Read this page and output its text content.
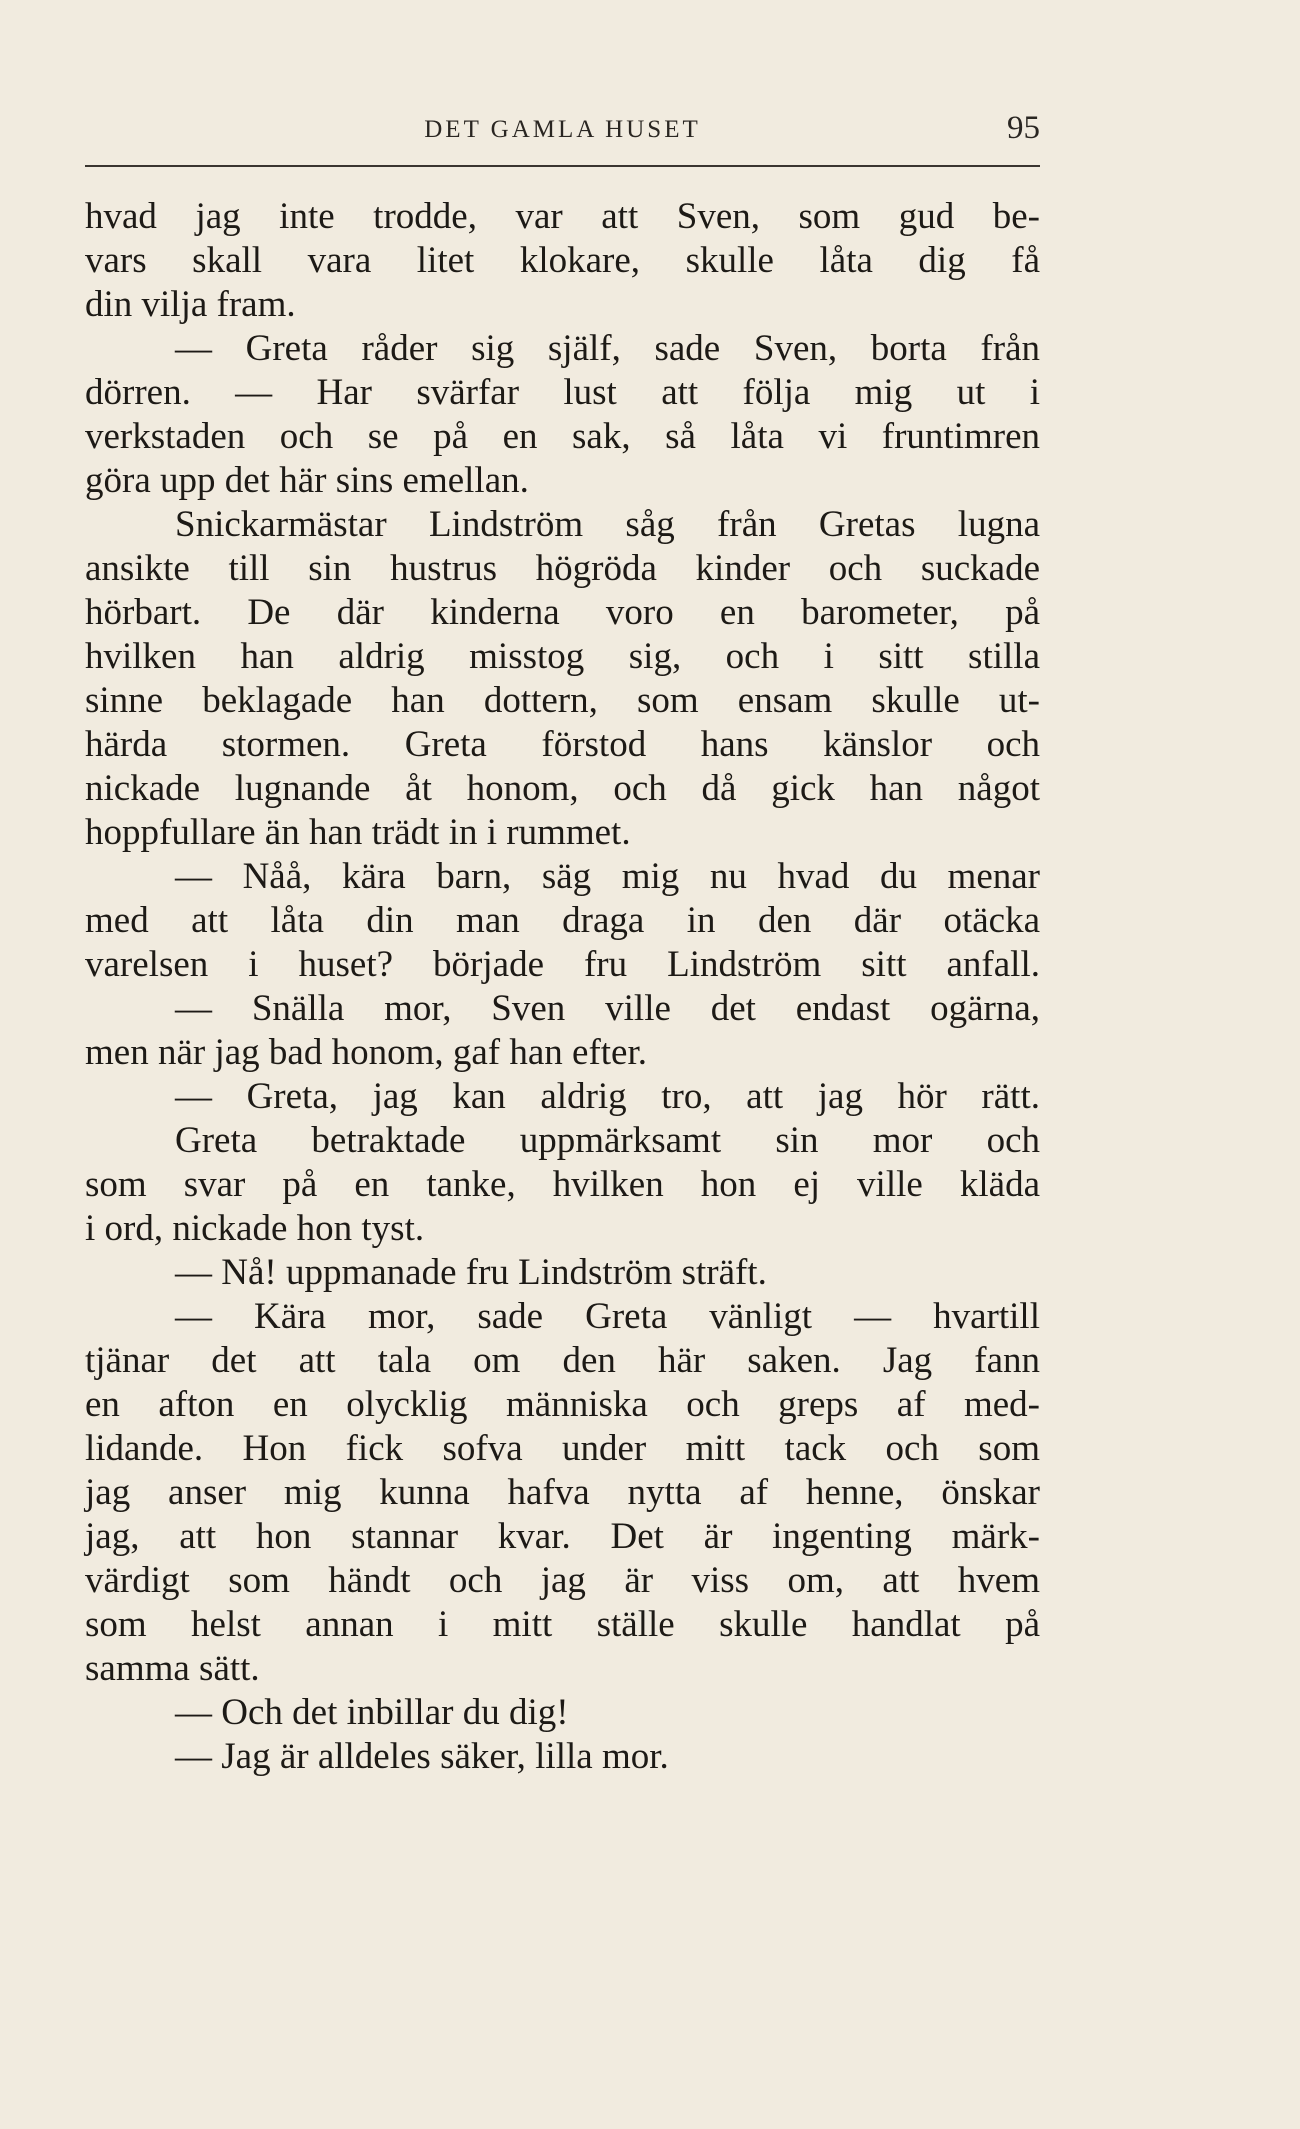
DET GAMLA HUSET	95
hvad jag inte trodde, var att Sven, som gud be-
vars skall vara litet klokare, skulle låta dig få
din vilja fram.
— Greta råder sig själf, sade Sven, borta från
dörren. — Har svärfar lust att följa mig ut i
verkstaden och se på en sak, så låta vi fruntimren
göra upp det här sins emellan.
Snickarmästar Lindström såg från Gretas lugna
ansikte till sin hustrus högröda kinder och suckade
hörbart. De där kinderna voro en barometer, på
hvilken han aldrig misstog sig, och i sitt stilla
sinne beklagade han dottern, som ensam skulle ut-
härda stormen. Greta förstod hans känslor och
nickade lugnande åt honom, och då gick han något
hoppfullare än han trädt in i rummet.
— Nåå, kära barn, säg mig nu hvad du menar
med att låta din man draga in den där otäcka
varelsen i huset? började fru Lindström sitt anfall.
— Snälla mor, Sven ville det endast ogärna,
men när jag bad honom, gaf han efter.
— Greta, jag kan aldrig tro, att jag hör rätt.
Greta betraktade uppmärksamt sin mor och
som svar på en tanke, hvilken hon ej ville kläda
i ord, nickade hon tyst.
— Nå! uppmanade fru Lindström sträft.
— Kära mor, sade Greta vänligt — hvartill
tjänar det att tala om den här saken. Jag fann
en afton en olycklig människa och greps af med-
lidande. Hon fick sofva under mitt tack och som
jag anser mig kunna hafva nytta af henne, önskar
jag, att hon stannar kvar. Det är ingenting märk-
värdigt som händt och jag är viss om, att hvem
som helst annan i mitt ställe skulle handlat på
samma sätt.
— Och det inbillar du dig!
— Jag är alldeles säker, lilla mor.
